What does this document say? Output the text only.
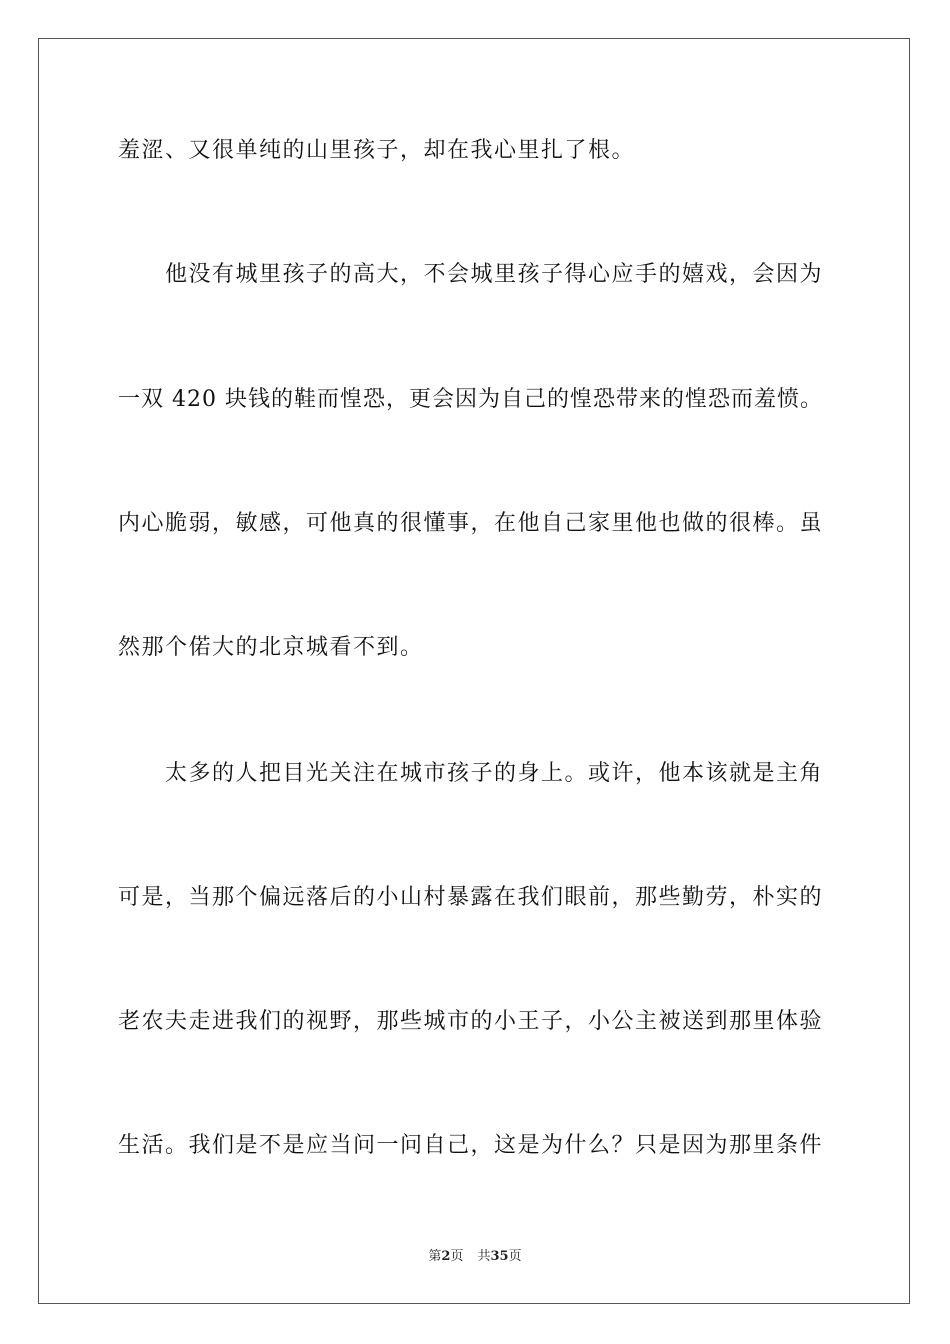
羞涩、又很单纯的山里孩子，却在我心里扎了根。
　　他没有城里孩子的高大，不会城里孩子得心应手的嬉戏，会因为
一双 420 块钱的鞋而惶恐，更会因为自己的惶恐带来的惶恐而羞愤。
内心脆弱，敏感，可他真的很懂事，在他自己家里他也做的很棒。虽
然那个偌大的北京城看不到。
　　太多的人把目光关注在城市孩子的身上。或许，他本该就是主角
可是，当那个偏远落后的小山村暴露在我们眼前，那些勤劳，朴实的
老农夫走进我们的视野，那些城市的小王子，小公主被送到那里体验
生活。我们是不是应当问一问自己，这是为什么？只是因为那里条件
第2页 共35页
